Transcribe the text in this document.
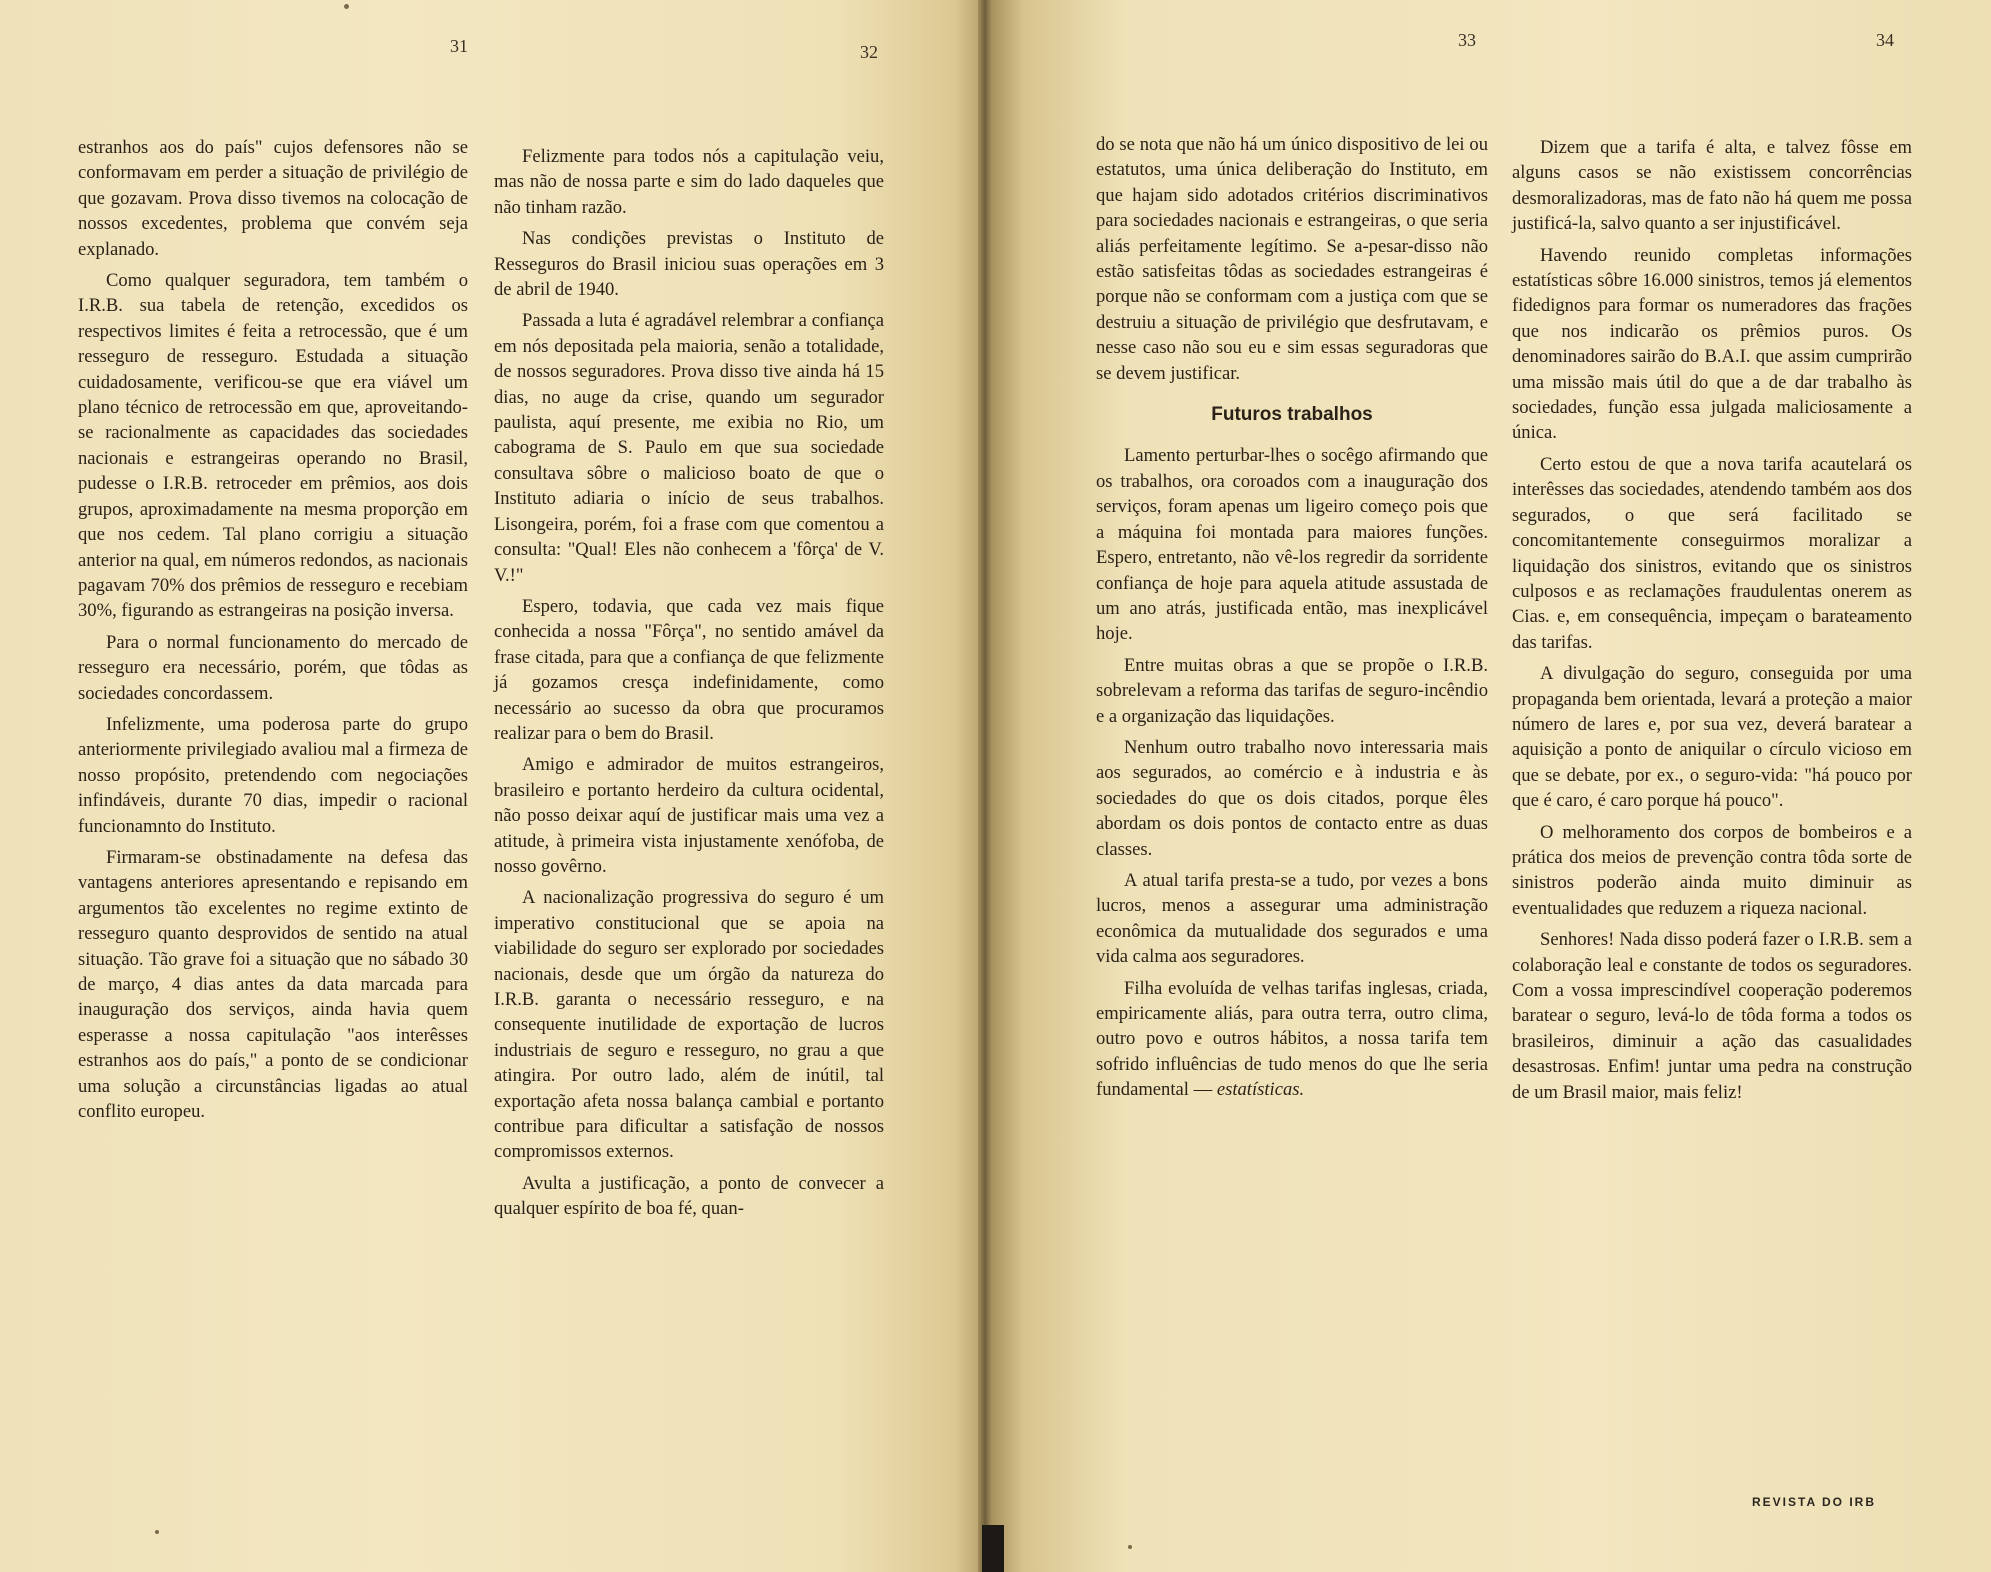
31	32
33	34

estranhos aos do país" cujos defensores não se conformavam em perder a situação de privilégio de que gozavam. Prova disso tivemos na colocação de nossos excedentes, problema que convém seja explanado.

Como qualquer seguradora, tem também o I.R.B. sua tabela de retenção, excedidos os respectivos limites é feita a retrocessão, que é um resseguro de resseguro. Estudada a situação cuidadosamente, verificou-se que era viável um plano técnico de retrocessão em que, aproveitando-se racionalmente as capacidades das sociedades nacionais e estrangeiras operando no Brasil, pudesse o I.R.B. retroceder em prêmios, aos dois grupos, aproximadamente na mesma proporção em que nos cedem. Tal plano corrigiu a situação anterior na qual, em números redondos, as nacionais pagavam 70% dos prêmios de resseguro e recebiam 30%, figurando as estrangeiras na posição inversa.

Para o normal funcionamento do mercado de resseguro era necessário, porém, que tôdas as sociedades concordassem.

Infelizmente, uma poderosa parte do grupo anteriormente privilegiado avaliou mal a firmeza de nosso propósito, pretendendo com negociações infindáveis, durante 70 dias, impedir o racional funcionamnto do Instituto.

Firmaram-se obstinadamente na defesa das vantagens anteriores apresentando e repisando em argumentos tão excelentes no regime extinto de resseguro quanto desprovidos de sentido na atual situação. Tão grave foi a situação que no sábado 30 de março, 4 dias antes da data marcada para inauguração dos serviços, ainda havia quem esperasse a nossa capitulação "aos interêsses estranhos aos do país," a ponto de se condicionar uma solução a circunstâncias ligadas ao atual conflito europeu.

Felizmente para todos nós a capitulação veiu, mas não de nossa parte e sim do lado daqueles que não tinham razão.

Nas condições previstas o Instituto de Resseguros do Brasil iniciou suas operações em 3 de abril de 1940.

Passada a luta é agradável relembrar a confiança em nós depositada pela maioria, senão a totalidade, de nossos seguradores. Prova disso tive ainda há 15 dias, no auge da crise, quando um segurador paulista, aquí presente, me exibia no Rio, um cabograma de S. Paulo em que sua sociedade consultava sôbre o malicioso boato de que o Instituto adiaria o início de seus trabalhos. Lisongeira, porém, foi a frase com que comentou a consulta: "Qual! Eles não conhecem a 'fôrça' de V. V.!"

Espero, todavia, que cada vez mais fique conhecida a nossa "Fôrça", no sentido amável da frase citada, para que a confiança de que felizmente já gozamos cresça indefinidamente, como necessário ao sucesso da obra que procuramos realizar para o bem do Brasil.

Amigo e admirador de muitos estrangeiros, brasileiro e portanto herdeiro da cultura ocidental, não posso deixar aquí de justificar mais uma vez a atitude, à primeira vista injustamente xenófoba, de nosso govêrno.

A nacionalização progressiva do seguro é um imperativo constitucional que se apoia na viabilidade do seguro ser explorado por sociedades nacionais, desde que um órgão da natureza do I.R.B. garanta o necessário resseguro, e na consequente inutilidade de exportação de lucros industriais de seguro e resseguro, no grau a que atingira. Por outro lado, além de inútil, tal exportação afeta nossa balança cambial e portanto contribue para dificultar a satisfação de nossos compromissos externos.

Avulta a justificação, a ponto de convecer a qualquer espírito de boa fé, quan-

do se nota que não há um único dispositivo de lei ou estatutos, uma única deliberação do Instituto, em que hajam sido adotados critérios discriminativos para sociedades nacionais e estrangeiras, o que seria aliás perfeitamente legítimo. Se a-pesar-disso não estão satisfeitas tôdas as sociedades estrangeiras é porque não se conformam com a justiça com que se destruiu a situação de privilégio que desfrutavam, e nesse caso não sou eu e sim essas seguradoras que se devem justificar.

Futuros trabalhos

Lamento perturbar-lhes o socêgo afirmando que os trabalhos, ora coroados com a inauguração dos serviços, foram apenas um ligeiro começo pois que a máquina foi montada para maiores funções. Espero, entretanto, não vê-los regredir da sorridente confiança de hoje para aquela atitude assustada de um ano atrás, justificada então, mas inexplicável hoje.

Entre muitas obras a que se propõe o I.R.B. sobrelevam a reforma das tarifas de seguro-incêndio e a organização das liquidações.

Nenhum outro trabalho novo interessaria mais aos segurados, ao comércio e à industria e às sociedades do que os dois citados, porque êles abordam os dois pontos de contacto entre as duas classes.

A atual tarifa presta-se a tudo, por vezes a bons lucros, menos a assegurar uma administração econômica da mutualidade dos segurados e uma vida calma aos seguradores.

Filha evoluída de velhas tarifas inglesas, criada, empiricamente aliás, para outra terra, outro clima, outro povo e outros hábitos, a nossa tarifa tem sofrido influências de tudo menos do que lhe seria fundamental — estatísticas.

Dizem que a tarifa é alta, e talvez fôsse em alguns casos se não existissem concorrências desmoralizadoras, mas de fato não há quem me possa justificá-la, salvo quanto a ser injustificável.

Havendo reunido completas informações estatísticas sôbre 16.000 sinistros, temos já elementos fidedignos para formar os numeradores das frações que nos indicarão os prêmios puros. Os denominadores sairão do B.A.I. que assim cumprirão uma missão mais útil do que a de dar trabalho às sociedades, função essa julgada maliciosamente a única.

Certo estou de que a nova tarifa acautelará os interêsses das sociedades, atendendo também aos dos segurados, o que será facilitado se concomitantemente conseguirmos moralizar a liquidação dos sinistros, evitando que os sinistros culposos e as reclamações fraudulentas onerem as Cias. e, em consequência, impeçam o barateamento das tarifas.

A divulgação do seguro, conseguida por uma propaganda bem orientada, levará a proteção a maior número de lares e, por sua vez, deverá baratear a aquisição a ponto de aniquilar o círculo vicioso em que se debate, por ex., o seguro-vida: "há pouco por que é caro, é caro porque há pouco".

O melhoramento dos corpos de bombeiros e a prática dos meios de prevenção contra tôda sorte de sinistros poderão ainda muito diminuir as eventualidades que reduzem a riqueza nacional.

Senhores! Nada disso poderá fazer o I.R.B. sem a colaboração leal e constante de todos os seguradores. Com a vossa imprescindível cooperação poderemos baratear o seguro, levá-lo de tôda forma a todos os brasileiros, diminuir a ação das casualidades desastrosas. Enfim! juntar uma pedra na construção de um Brasil maior, mais feliz!

REVISTA DO IRB
